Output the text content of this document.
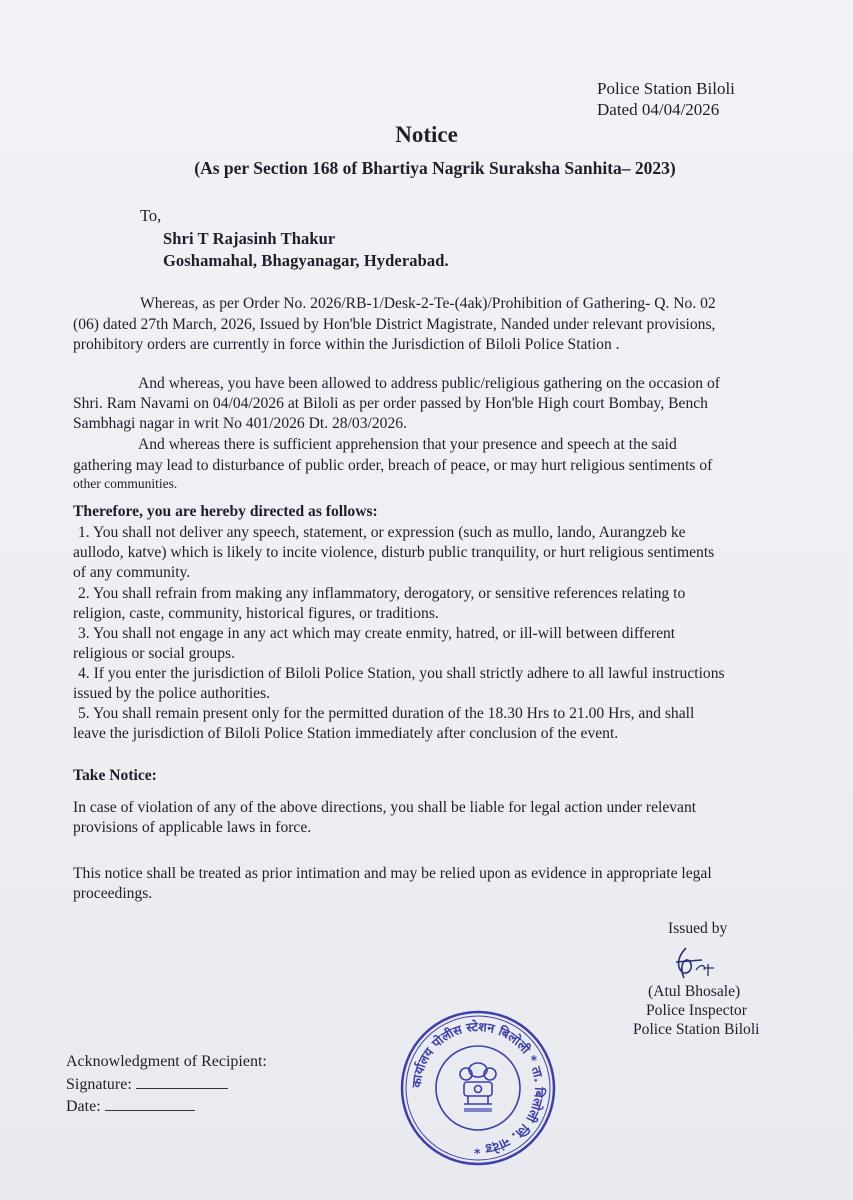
Police Station Biloli
Dated 04/04/2026
Notice
(As per Section 168 of Bhartiya Nagrik Suraksha Sanhita– 2023)
To,
Shri T Rajasinh Thakur
Goshamahal, Bhagyanagar, Hyderabad.
Whereas, as per Order No. 2026/RB-1/Desk-2-Te-(4ak)/Prohibition of Gathering- Q. No. 02
(06) dated 27th March, 2026, Issued by Hon'ble District Magistrate, Nanded under relevant provisions,
prohibitory orders are currently in force within the Jurisdiction of Biloli Police Station .
And whereas, you have been allowed to address public/religious gathering on the occasion of
Shri. Ram Navami on 04/04/2026 at Biloli as per order passed by Hon'ble High court Bombay, Bench
Sambhagi nagar in writ No 401/2026 Dt. 28/03/2026.
And whereas there is sufficient apprehension that your presence and speech at the said
gathering may lead to disturbance of public order, breach of peace, or may hurt religious sentiments of
other communities.
Therefore, you are hereby directed as follows:
1. You shall not deliver any speech, statement, or expression (such as mullo, lando, Aurangzeb ke
aullodo, katve) which is likely to incite violence, disturb public tranquility, or hurt religious sentiments
of any community.
2. You shall refrain from making any inflammatory, derogatory, or sensitive references relating to
religion, caste, community, historical figures, or traditions.
3. You shall not engage in any act which may create enmity, hatred, or ill-will between different
religious or social groups.
4. If you enter the jurisdiction of Biloli Police Station, you shall strictly adhere to all lawful instructions
issued by the police authorities.
5. You shall remain present only for the permitted duration of the 18.30 Hrs to 21.00 Hrs, and shall
leave the jurisdiction of Biloli Police Station immediately after conclusion of the event.
Take Notice:
In case of violation of any of the above directions, you shall be liable for legal action under relevant
provisions of applicable laws in force.
This notice shall be treated as prior intimation and may be relied upon as evidence in appropriate legal
proceedings.
Issued by
(Atul Bhosale)
Police Inspector
Police Station Biloli
Acknowledgment of Recipient:
Signature:
Date:
कार्यालय पोलीस स्टेशन बिलोली * ता. बिलोली जि. नांदेड *
